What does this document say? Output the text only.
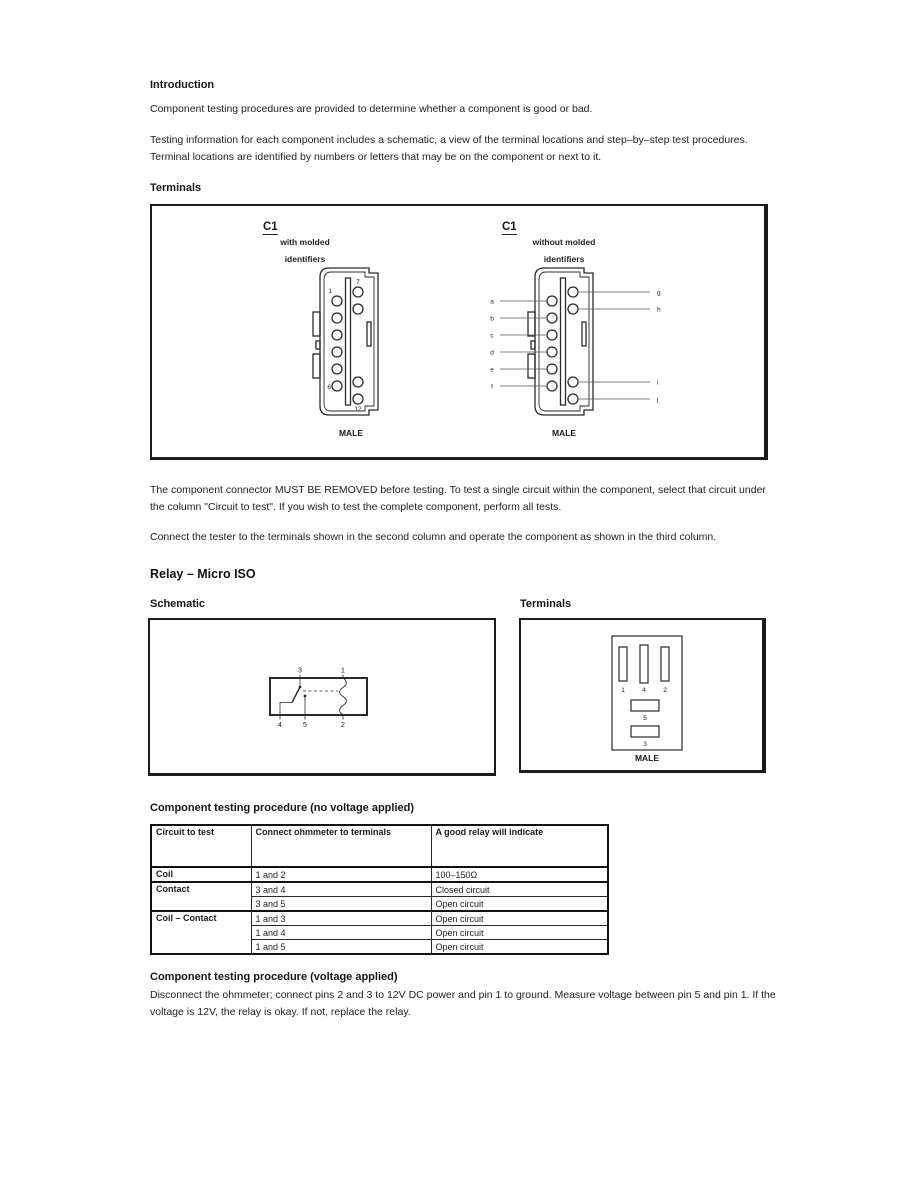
Introduction
Component testing procedures are provided to determine whether a component is good or bad.
Testing information for each component includes a schematic, a view of the terminal locations and step–by–step test procedures. Terminal locations are identified by numbers or letters that may be on the component or next to it.
Terminals
C1
with molded
identifiers
1
7
6
12
MALE
C1
without molded
identifiers
a
b
c
d
e
f
g
h
i
j
MALE
The component connector MUST BE REMOVED before testing. To test a single circuit within the component, select that circuit under the column "Circuit to test". If you wish to test the complete component, perform all tests.
Connect the tester to the terminals shown in the second column and operate the component as shown in the third column.
Relay – Micro ISO
Schematic	Terminals
3	1
4	5	2
1	4	2
5
3
MALE
Component testing procedure (no voltage applied)
Circuit to test	Connect ohmmeter to terminals	A good relay will indicate
Coil	1 and 2	100–150Ω
Contact	3 and 4	Closed circuit
	3 and 5	Open circuit
Coil – Contact	1 and 3	Open circuit
	1 and 4	Open circuit
	1 and 5	Open circuit
Component testing procedure (voltage applied)
Disconnect the ohmmeter; connect pins 2 and 3 to 12V DC power and pin 1 to ground. Measure voltage between pin 5 and pin 1. If the voltage is 12V, the relay is okay. If not, replace the relay.
